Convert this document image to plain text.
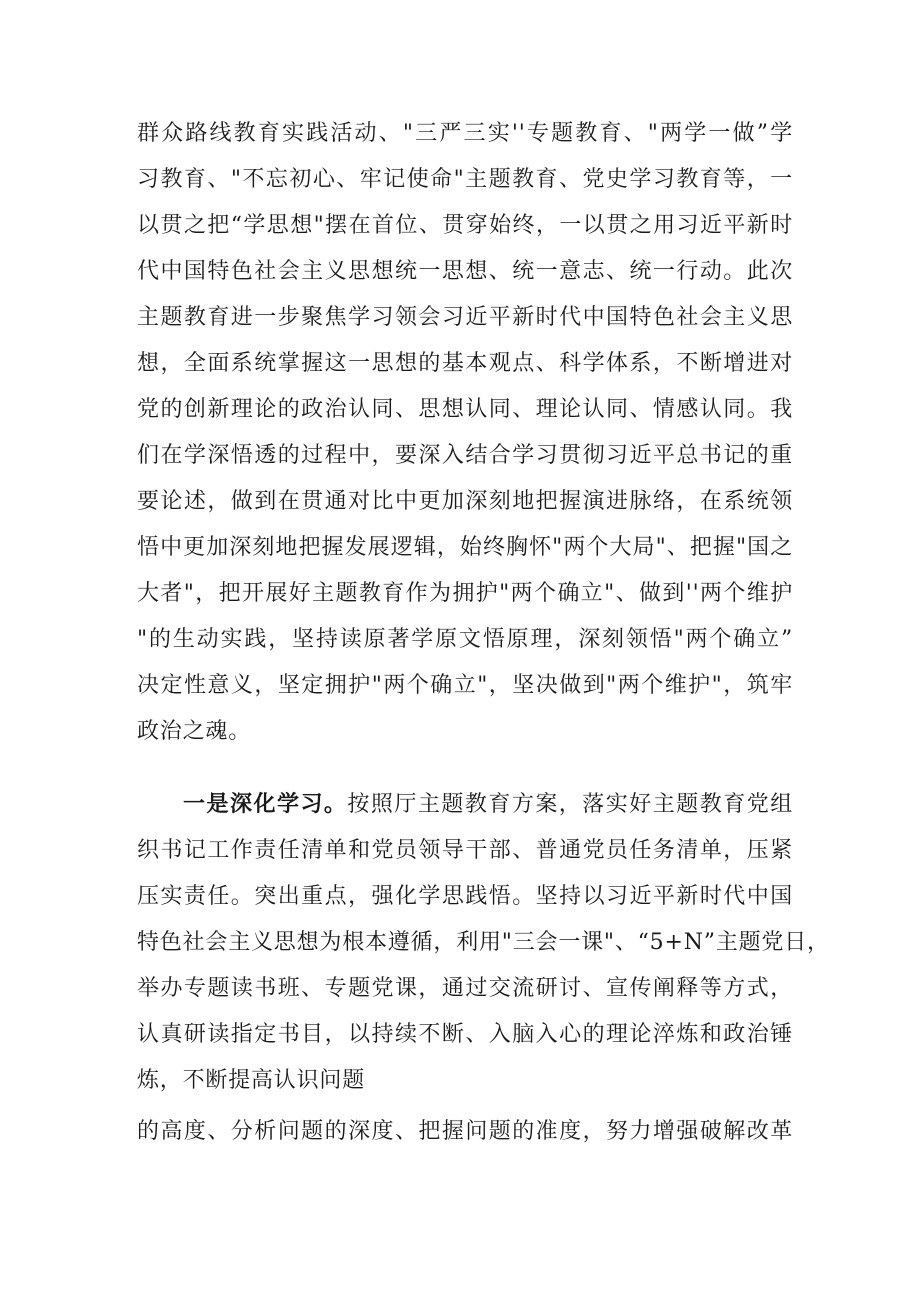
群众路线教育实践活动、"三严三实''专题教育、"两学一做”学
习教育、"不忘初心、牢记使命"主题教育、党史学习教育等，一
以贯之把“学思想"摆在首位、贯穿始终，一以贯之用习近平新时
代中国特色社会主义思想统一思想、统一意志、统一行动。此次
主题教育进一步聚焦学习领会习近平新时代中国特色社会主义思
想，全面系统掌握这一思想的基本观点、科学体系，不断增进对
党的创新理论的政治认同、思想认同、理论认同、情感认同。我
们在学深悟透的过程中，要深入结合学习贯彻习近平总书记的重
要论述，做到在贯通对比中更加深刻地把握演进脉络，在系统领
悟中更加深刻地把握发展逻辑，始终胸怀"两个大局"、把握"国之
大者"，把开展好主题教育作为拥护"两个确立"、做到''两个维护
"的生动实践，坚持读原著学原文悟原理，深刻领悟"两个确立”
决定性意义，坚定拥护"两个确立"，坚决做到"两个维护"，筑牢
政治之魂。
一是深化学习。按照厅主题教育方案，落实好主题教育党组
织书记工作责任清单和党员领导干部、普通党员任务清单，压紧
压实责任。突出重点，强化学思践悟。坚持以习近平新时代中国
特色社会主义思想为根本遵循，利用"三会一课"、“5+N”主题党日，
举办专题读书班、专题党课，通过交流研讨、宣传阐释等方式，
认真研读指定书目，以持续不断、入脑入心的理论淬炼和政治锤
炼，不断提高认识问题
的高度、分析问题的深度、把握问题的准度，努力增强破解改革
